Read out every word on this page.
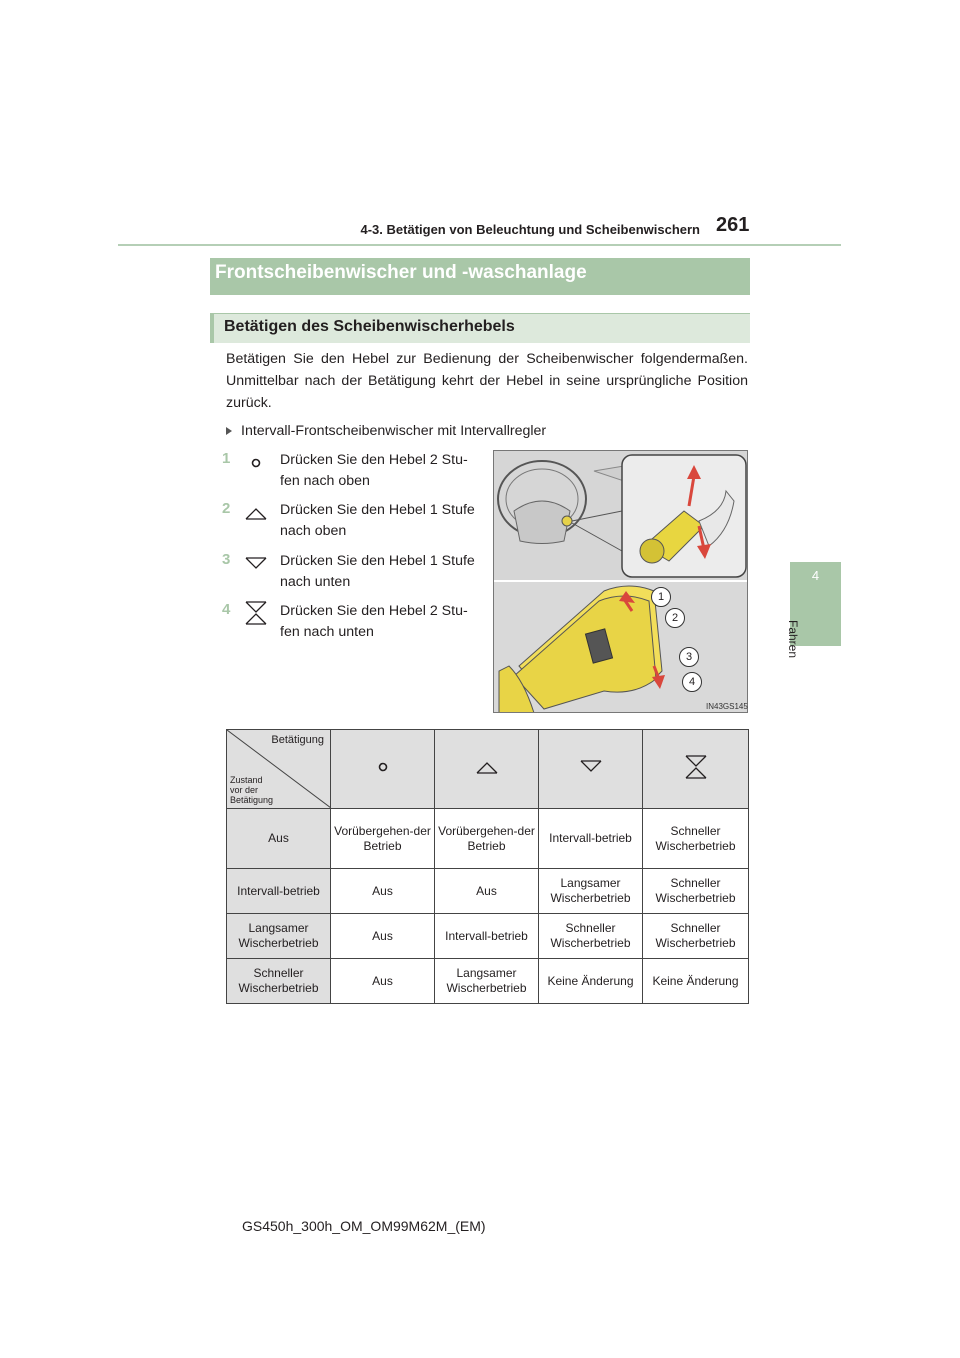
4-3. Betätigen von Beleuchtung und Scheibenwischern 261
4
Fahren
Frontscheibenwischer und -waschanlage
Betätigen des Scheibenwischerhebels
Betätigen Sie den Hebel zur Bedienung der Scheibenwischer folgendermaßen. Unmittelbar nach der Betätigung kehrt der Hebel in seine ursprüngliche Position zurück.
Intervall-Frontscheibenwischer mit Intervallregler
1	Drücken Sie den Hebel 2 Stu-fen nach oben
2	Drücken Sie den Hebel 1 Stufe nach oben
3	Drücken Sie den Hebel 1 Stufe nach unten
4	Drücken Sie den Hebel 2 Stu-fen nach unten
1
2
3
4
IN43GS145
Betätigung
Zustand
vor der
Betätigung

Aus	Vorübergehen-der Betrieb	Vorübergehen-der Betrieb	Intervall-betrieb	Schneller Wischerbetrieb
Intervall-betrieb	Aus	Aus	Langsamer Wischerbetrieb	Schneller Wischerbetrieb
Langsamer Wischerbetrieb	Aus	Intervall-betrieb	Schneller Wischerbetrieb	Schneller Wischerbetrieb
Schneller Wischerbetrieb	Aus	Langsamer Wischerbetrieb	Keine Änderung	Keine Änderung
GS450h_300h_OM_OM99M62M_(EM)
